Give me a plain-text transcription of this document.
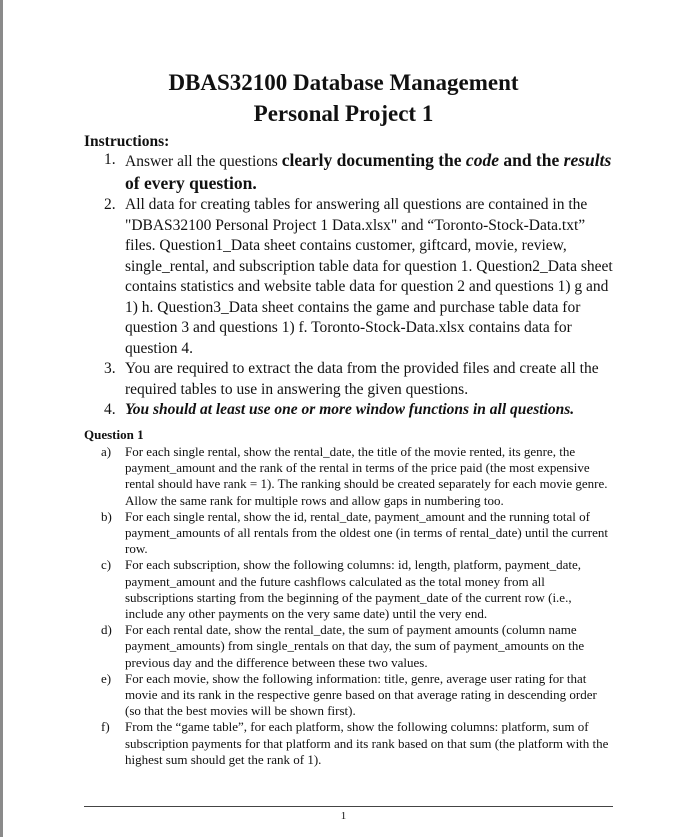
DBAS32100 Database Management
Personal Project 1
Instructions:
1. Answer all the questions clearly documenting the code and the results of every question.
2. All data for creating tables for answering all questions are contained in the "DBAS32100 Personal Project 1 Data.xlsx" and “Toronto-Stock-Data.txt” files. Question1_Data sheet contains customer, giftcard, movie, review, single_rental, and subscription table data for question 1. Question2_Data sheet contains statistics and website table data for question 2 and questions 1) g and 1) h. Question3_Data sheet contains the game and purchase table data for question 3 and questions 1) f. Toronto-Stock-Data.xlsx contains data for question 4.
3. You are required to extract the data from the provided files and create all the required tables to use in answering the given questions.
4. You should at least use one or more window functions in all questions.
Question 1
a) For each single rental, show the rental_date, the title of the movie rented, its genre, the payment_amount and the rank of the rental in terms of the price paid (the most expensive rental should have rank = 1). The ranking should be created separately for each movie genre. Allow the same rank for multiple rows and allow gaps in numbering too.
b) For each single rental, show the id, rental_date, payment_amount and the running total of payment_amounts of all rentals from the oldest one (in terms of rental_date) until the current row.
c) For each subscription, show the following columns: id, length, platform, payment_date, payment_amount and the future cashflows calculated as the total money from all subscriptions starting from the beginning of the payment_date of the current row (i.e., include any other payments on the very same date) until the very end.
d) For each rental date, show the rental_date, the sum of payment amounts (column name payment_amounts) from single_rentals on that day, the sum of payment_amounts on the previous day and the difference between these two values.
e) For each movie, show the following information: title, genre, average user rating for that movie and its rank in the respective genre based on that average rating in descending order (so that the best movies will be shown first).
f) From the “game table”, for each platform, show the following columns: platform, sum of subscription payments for that platform and its rank based on that sum (the platform with the highest sum should get the rank of 1).
1
